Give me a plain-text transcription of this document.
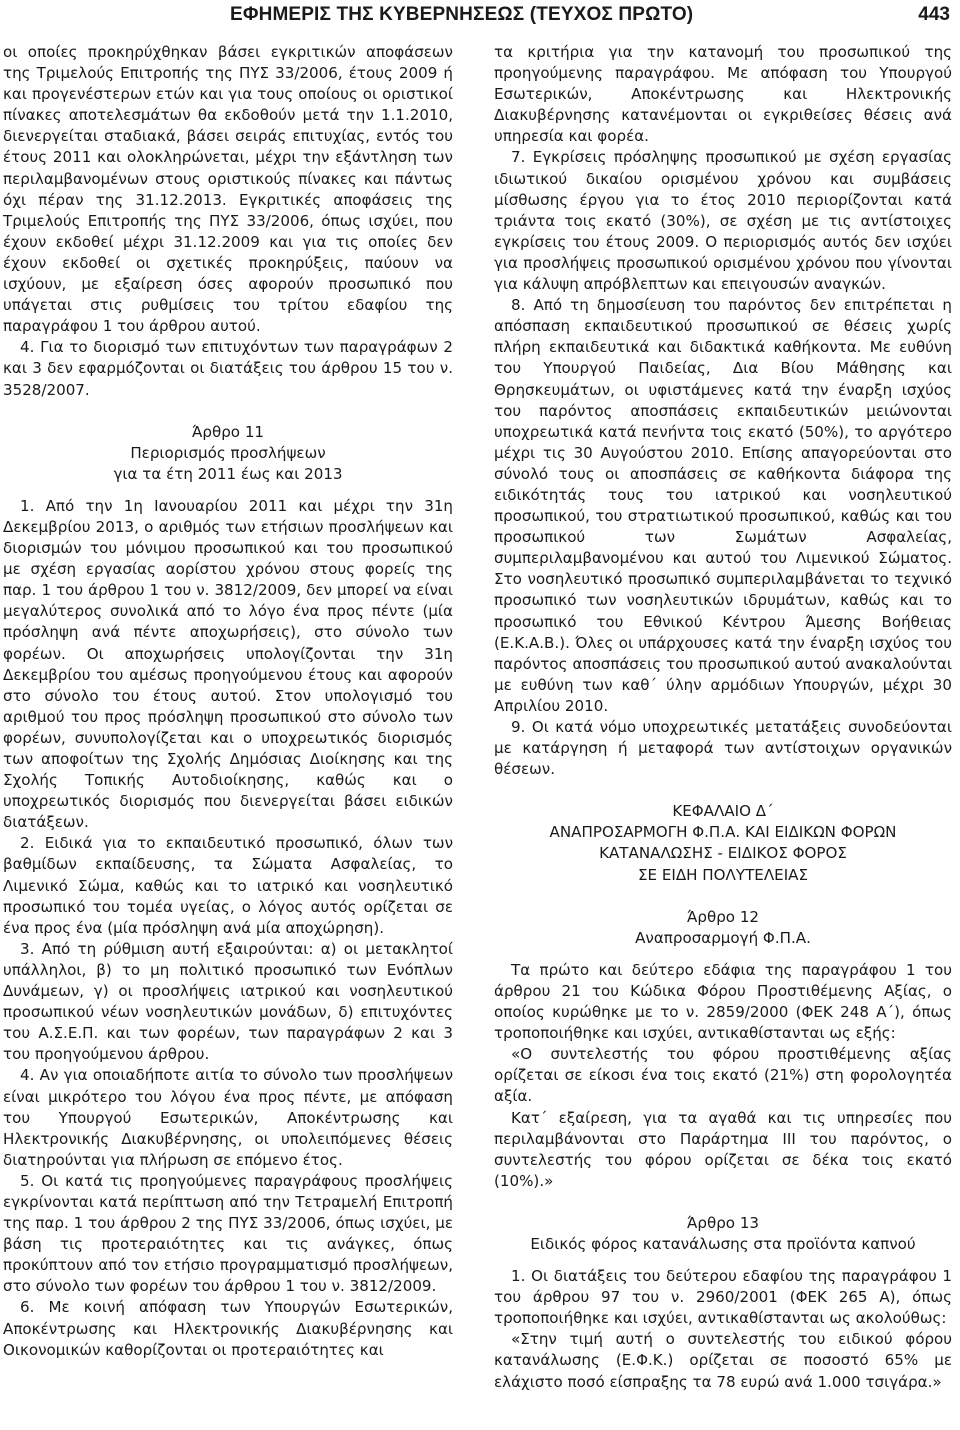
ΕΦΗΜΕΡΙΣ ΤΗΣ ΚΥΒΕΡΝΗΣΕΩΣ (ΤΕΥΧΟΣ ΠΡΩΤΟ)	443

οι οποίες προκηρύχθηκαν βάσει εγκριτικών αποφάσεων της Τριμελούς Επιτροπής της ΠΥΣ 33/2006, έτους 2009 ή και προγενέστερων ετών και για τους οποίους οι οριστικοί πίνακες αποτελεσμάτων θα εκδοθούν μετά την 1.1.2010, διενεργείται σταδιακά, βάσει σειράς επιτυχίας, εντός του έτους 2011 και ολοκληρώνεται, μέχρι την εξάντληση των περιλαμβανομένων στους οριστικούς πίνακες και πάντως όχι πέραν της 31.12.2013. Εγκριτικές αποφάσεις της Τριμελούς Επιτροπής της ΠΥΣ 33/2006, όπως ισχύει, που έχουν εκδοθεί μέχρι 31.12.2009 και για τις οποίες δεν έχουν εκδοθεί οι σχετικές προκηρύξεις, παύουν να ισχύουν, με εξαίρεση όσες αφορούν προσωπικό που υπάγεται στις ρυθμίσεις του τρίτου εδαφίου της παραγράφου 1 του άρθρου αυτού.

4. Για το διορισμό των επιτυχόντων των παραγράφων 2 και 3 δεν εφαρμόζονται οι διατάξεις του άρθρου 15 του ν. 3528/2007.

Άρθρο 11

Περιορισμός προσλήψεων

για τα έτη 2011 έως και 2013

1. Από την 1η Ιανουαρίου 2011 και μέχρι την 31η Δεκεμβρίου 2013, ο αριθμός των ετήσιων προσλήψεων και διορισμών του μόνιμου προσωπικού και του προσωπικού με σχέση εργασίας αορίστου χρόνου στους φορείς της παρ. 1 του άρθρου 1 του ν. 3812/2009, δεν μπορεί να είναι μεγαλύτερος συνολικά από το λόγο ένα προς πέντε (μία πρόσληψη ανά πέντε αποχωρήσεις), στο σύνολο των φορέων. Οι αποχωρήσεις υπολογίζονται την 31η Δεκεμβρίου του αμέσως προηγούμενου έτους και αφορούν στο σύνολο του έτους αυτού. Στον υπολογισμό του αριθμού του προς πρόσληψη προσωπικού στο σύνολο των φορέων, συνυπολογίζεται και ο υποχρεωτικός διορισμός των αποφοίτων της Σχολής Δημόσιας Διοίκησης και της Σχολής Τοπικής Αυτοδιοίκησης, καθώς και ο υποχρεωτικός διορισμός που διενεργείται βάσει ειδικών διατάξεων.

2. Ειδικά για το εκπαιδευτικό προσωπικό, όλων των βαθμίδων εκπαίδευσης, τα Σώματα Ασφαλείας, το Λιμενικό Σώμα, καθώς και το ιατρικό και νοσηλευτικό προσωπικό του τομέα υγείας, ο λόγος αυτός ορίζεται σε ένα προς ένα (μία πρόσληψη ανά μία αποχώρηση).

3. Από τη ρύθμιση αυτή εξαιρούνται: α) οι μετακλητοί υπάλληλοι, β) το μη πολιτικό προσωπικό των Ενόπλων Δυνάμεων, γ) οι προσλήψεις ιατρικού και νοσηλευτικού προσωπικού νέων νοσηλευτικών μονάδων, δ) επιτυχόντες του Α.Σ.Ε.Π. και των φορέων, των παραγράφων 2 και 3 του προηγούμενου άρθρου.

4. Αν για οποιαδήποτε αιτία το σύνολο των προσλήψεων είναι μικρότερο του λόγου ένα προς πέντε, με απόφαση του Υπουργού Εσωτερικών, Αποκέντρωσης και Ηλεκτρονικής Διακυβέρνησης, οι υπολειπόμενες θέσεις διατηρούνται για πλήρωση σε επόμενο έτος.

5. Οι κατά τις προηγούμενες παραγράφους προσλήψεις εγκρίνονται κατά περίπτωση από την Τετραμελή Επιτροπή της παρ. 1 του άρθρου 2 της ΠΥΣ 33/2006, όπως ισχύει, με βάση τις προτεραιότητες και τις ανάγκες, όπως προκύπτουν από τον ετήσιο προγραμματισμό προσλήψεων, στο σύνολο των φορέων του άρθρου 1 του ν. 3812/2009.

6. Με κοινή απόφαση των Υπουργών Εσωτερικών, Αποκέντρωσης και Ηλεκτρονικής Διακυβέρνησης και Οικονομικών καθορίζονται οι προτεραιότητες και

τα κριτήρια για την κατανομή του προσωπικού της προηγούμενης παραγράφου. Με απόφαση του Υπουργού Εσωτερικών, Αποκέντρωσης και Ηλεκτρονικής Διακυβέρνησης κατανέμονται οι εγκριθείσες θέσεις ανά υπηρεσία και φορέα.

7. Εγκρίσεις πρόσληψης προσωπικού με σχέση εργασίας ιδιωτικού δικαίου ορισμένου χρόνου και συμβάσεις μίσθωσης έργου για το έτος 2010 περιορίζονται κατά τριάντα τοις εκατό (30%), σε σχέση με τις αντίστοιχες εγκρίσεις του έτους 2009. Ο περιορισμός αυτός δεν ισχύει για προσλήψεις προσωπικού ορισμένου χρόνου που γίνονται για κάλυψη απρόβλεπτων και επειγουσών αναγκών.

8. Από τη δημοσίευση του παρόντος δεν επιτρέπεται η απόσπαση εκπαιδευτικού προσωπικού σε θέσεις χωρίς πλήρη εκπαιδευτικά και διδακτικά καθήκοντα. Με ευθύνη του Υπουργού Παιδείας, Δια Βίου Μάθησης και Θρησκευμάτων, οι υφιστάμενες κατά την έναρξη ισχύος του παρόντος αποσπάσεις εκπαιδευτικών μειώνονται υποχρεωτικά κατά πενήντα τοις εκατό (50%), το αργότερο μέχρι τις 30 Αυγούστου 2010. Επίσης απαγορεύονται στο σύνολό τους οι αποσπάσεις σε καθήκοντα διάφορα της ειδικότητάς τους του ιατρικού και νοσηλευτικού προσωπικού, του στρατιωτικού προσωπικού, καθώς και του προσωπικού των Σωμάτων Ασφαλείας, συμπεριλαμβανομένου και αυτού του Λιμενικού Σώματος. Στο νοσηλευτικό προσωπικό συμπεριλαμβάνεται το τεχνικό προσωπικό των νοσηλευτικών ιδρυμάτων, καθώς και το προσωπικό του Εθνικού Κέντρου Άμεσης Βοήθειας (Ε.Κ.Α.Β.). Όλες οι υπάρχουσες κατά την έναρξη ισχύος του παρόντος αποσπάσεις του προσωπικού αυτού ανακαλούνται με ευθύνη των καθ΄ ύλην αρμόδιων Υπουργών, μέχρι 30 Απριλίου 2010.

9. Οι κατά νόμο υποχρεωτικές μετατάξεις συνοδεύονται με κατάργηση ή μεταφορά των αντίστοιχων οργανικών θέσεων.

ΚΕΦΑΛΑΙΟ Δ΄

ΑΝΑΠΡΟΣΑΡΜΟΓΗ Φ.Π.Α. ΚΑΙ ΕΙΔΙΚΩΝ ΦΟΡΩΝ

ΚΑΤΑΝΑΛΩΣΗΣ - ΕΙΔΙΚΟΣ ΦΟΡΟΣ

ΣΕ ΕΙΔΗ ΠΟΛΥΤΕΛΕΙΑΣ

Άρθρο 12

Αναπροσαρμογή Φ.Π.Α.

Τα πρώτο και δεύτερο εδάφια της παραγράφου 1 του άρθρου 21 του Κώδικα Φόρου Προστιθέμενης Αξίας, ο οποίος κυρώθηκε με το ν. 2859/2000 (ΦΕΚ 248 Α΄), όπως τροποποιήθηκε και ισχύει, αντικαθίστανται ως εξής:

«Ο συντελεστής του φόρου προστιθέμενης αξίας ορίζεται σε είκοσι ένα τοις εκατό (21%) στη φορολογητέα αξία.

Κατ΄ εξαίρεση, για τα αγαθά και τις υπηρεσίες που περιλαμβάνονται στο Παράρτημα ΙΙΙ του παρόντος, ο συντελεστής του φόρου ορίζεται σε δέκα τοις εκατό (10%).»

Άρθρο 13

Ειδικός φόρος κατανάλωσης στα προϊόντα καπνού

1. Οι διατάξεις του δεύτερου εδαφίου της παραγράφου 1 του άρθρου 97 του ν. 2960/2001 (ΦΕΚ 265 Α), όπως τροποποιήθηκε και ισχύει, αντικαθίστανται ως ακολούθως:

«Στην τιμή αυτή ο συντελεστής του ειδικού φόρου κατανάλωσης (Ε.Φ.Κ.) ορίζεται σε ποσοστό 65% με ελάχιστο ποσό είσπραξης τα 78 ευρώ ανά 1.000 τσιγάρα.»
